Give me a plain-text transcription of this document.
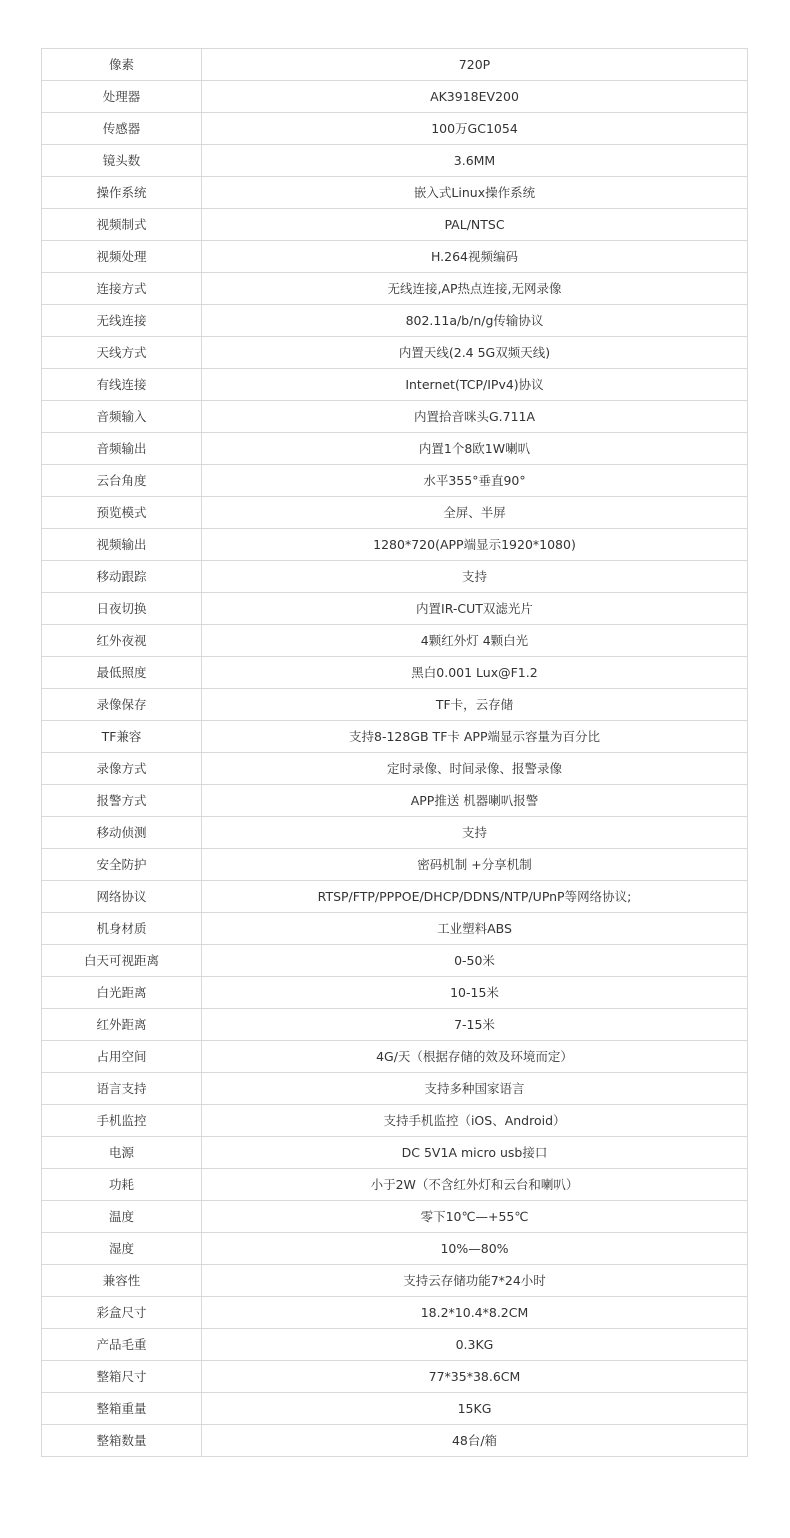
像素	720P
处理器	AK3918EV200
传感器	100万GC1054
镜头数	3.6MM
操作系统	嵌入式Linux操作系统
视频制式	PAL/NTSC
视频处理	H.264视频编码
连接方式	无线连接,AP热点连接,无网录像
无线连接	802.11a/b/n/g传输协议
天线方式	内置天线(2.4 5G双频天线)
有线连接	Internet(TCP/IPv4)协议
音频输入	内置拾音咪头G.711A
音频输出	内置1个8欧1W喇叭
云台角度	水平355°垂直90°
预览模式	全屏、半屏
视频输出	1280*720(APP端显示1920*1080)
移动跟踪	支持
日夜切换	内置IR-CUT双滤光片
红外夜视	4颗红外灯 4颗白光
最低照度	黑白0.001 Lux@F1.2
录像保存	TF卡，云存储
TF兼容	支持8-128GB TF卡 APP端显示容量为百分比
录像方式	定时录像、时间录像、报警录像
报警方式	APP推送 机器喇叭报警
移动侦测	支持
安全防护	密码机制 +分享机制
网络协议	RTSP/FTP/PPPOE/DHCP/DDNS/NTP/UPnP等网络协议;
机身材质	工业塑料ABS
白天可视距离	0-50米
白光距离	10-15米
红外距离	7-15米
占用空间	4G/天（根据存储的效及环境而定）
语言支持	支持多种国家语言
手机监控	支持手机监控（iOS、Android）
电源	DC 5V1A micro usb接口
功耗	小于2W（不含红外灯和云台和喇叭）
温度	零下10℃—+55℃
湿度	10%—80%
兼容性	支持云存储功能7*24小时
彩盒尺寸	18.2*10.4*8.2CM
产品毛重	0.3KG
整箱尺寸	77*35*38.6CM
整箱重量	15KG
整箱数量	48台/箱
